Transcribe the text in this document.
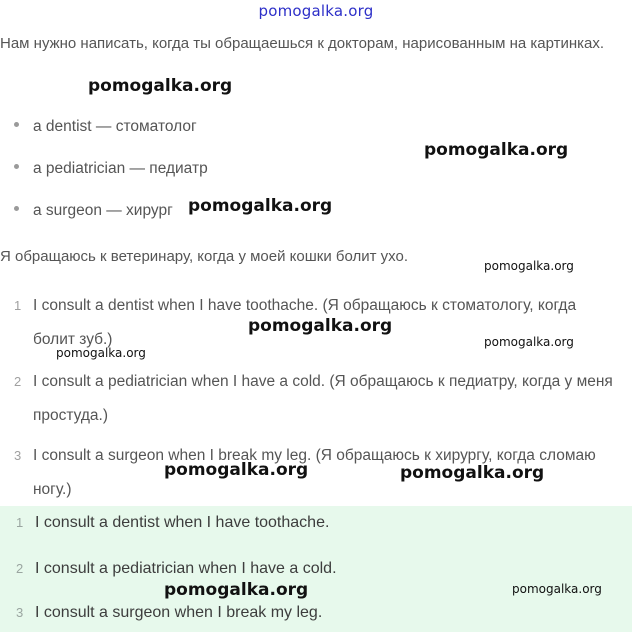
pomogalka.org
Нам нужно написать, когда ты обращаешься к докторам, нарисованным на картинках.
a dentist — стоматолог
a pediatrician — педиатр
a surgeon — хирург
Я обращаюсь к ветеринару, когда у моей кошки болит ухо.
1 I consult a dentist when I have toothache. (Я обращаюсь к стоматологу, когда болит зуб.)
2 I consult a pediatrician when I have a cold. (Я обращаюсь к педиатру, когда у меня простуда.)
3 I consult a surgeon when I break my leg. (Я обращаюсь к хирургу, когда сломаю ногу.)
1 I consult a dentist when I have toothache.
2 I consult a pediatrician when I have a cold.
3 I consult a surgeon when I break my leg.
pomogalka.org
pomogalka.org
pomogalka.org
pomogalka.org
pomogalka.org
pomogalka.org
pomogalka.org
pomogalka.org	pomogalka.org
pomogalka.org	pomogalka.org
